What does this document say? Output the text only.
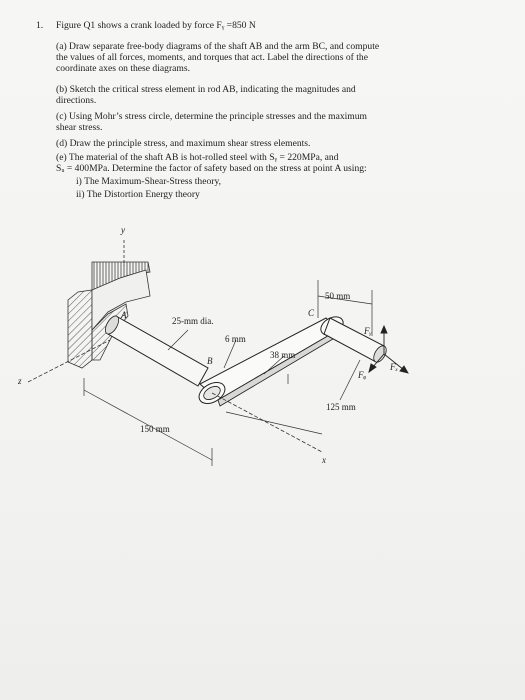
1. Figure Q1 shows a crank loaded by force Fᵧ =850 N
(a) Draw separate free-body diagrams of the shaft AB and the arm BC, and compute
the values of all forces, moments, and torques that act. Label the directions of the
coordinate axes on these diagrams.
(b) Sketch the critical stress element in rod AB, indicating the magnitudes and
directions.
(c) Using Mohr’s stress circle, determine the principle stresses and the maximum
shear stress.
(d) Draw the principle stress, and maximum shear stress elements.
(e) The material of the shaft AB is hot-rolled steel with Sᵧ = 220MPa, and
Sᵤ = 400MPa. Determine the factor of safety based on the stress at point A using:
i) The Maximum-Shear-Stress theory,
ii) The Distortion Energy theory
y
z
A
B
C
x
25-mm dia.
50 mm
6 mm
38 mm
125 mm
150 mm
Fᵧ
Fᵩ
Fₓ
